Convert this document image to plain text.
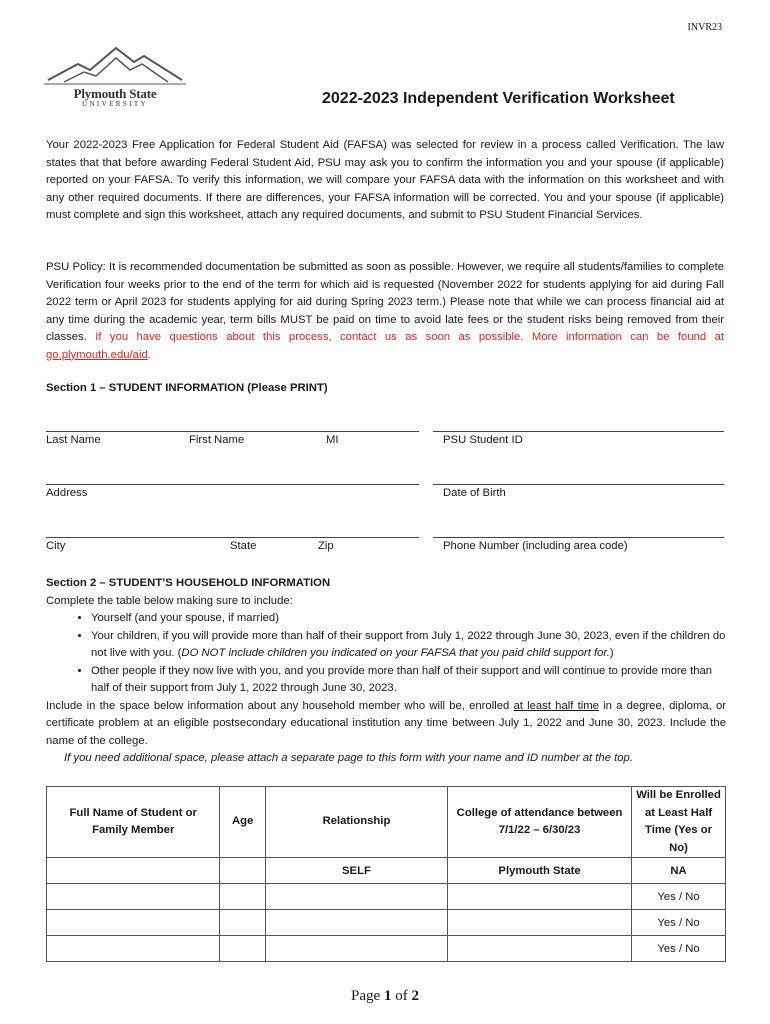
INVR23
Plymouth State
UNIVERSITY	2022-2023 Independent Verification Worksheet
Your 2022-2023 Free Application for Federal Student Aid (FAFSA) was selected for review in a process called Verification. The law states that that before awarding Federal Student Aid, PSU may ask you to confirm the information you and your spouse (if applicable) reported on your FAFSA. To verify this information, we will compare your FAFSA data with the information on this worksheet and with any other required documents. If there are differences, your FAFSA information will be corrected. You and your spouse (if applicable) must complete and sign this worksheet, attach any required documents, and submit to PSU Student Financial Services.
PSU Policy: It is recommended documentation be submitted as soon as possible. However, we require all students/families to complete Verification four weeks prior to the end of the term for which aid is requested (November 2022 for students applying for aid during Fall 2022 term or April 2023 for students applying for aid during Spring 2023 term.) Please note that while we can process financial aid at any time during the academic year, term bills MUST be paid on time to avoid late fees or the student risks being removed from their classes. If you have questions about this process, contact us as soon as possible. More information can be found at go.plymouth.edu/aid.
Section 1 – STUDENT INFORMATION (Please PRINT)
Last Name	First Name	MI	PSU Student ID
Address	Date of Birth
City	State	Zip	Phone Number (including area code)
Section 2 – STUDENT’S HOUSEHOLD INFORMATION
Complete the table below making sure to include:
• Yourself (and your spouse, if married)
• Your children, if you will provide more than half of their support from July 1, 2022 through June 30, 2023, even if the children do not live with you. (DO NOT include children you indicated on your FAFSA that you paid child support for.)
• Other people if they now live with you, and you provide more than half of their support and will continue to provide more than half of their support from July 1, 2022 through June 30, 2023.
Include in the space below information about any household member who will be, enrolled at least half time in a degree, diploma, or certificate problem at an eligible postsecondary educational institution any time between July 1, 2022 and June 30, 2023. Include the name of the college.
If you need additional space, please attach a separate page to this form with your name and ID number at the top.
Full Name of Student or Family Member	Age	Relationship	College of attendance between 7/1/22 – 6/30/23	Will be Enrolled at Least Half Time (Yes or No)
		SELF	Plymouth State	NA
				Yes / No
				Yes / No
				Yes / No
Page 1 of 2
